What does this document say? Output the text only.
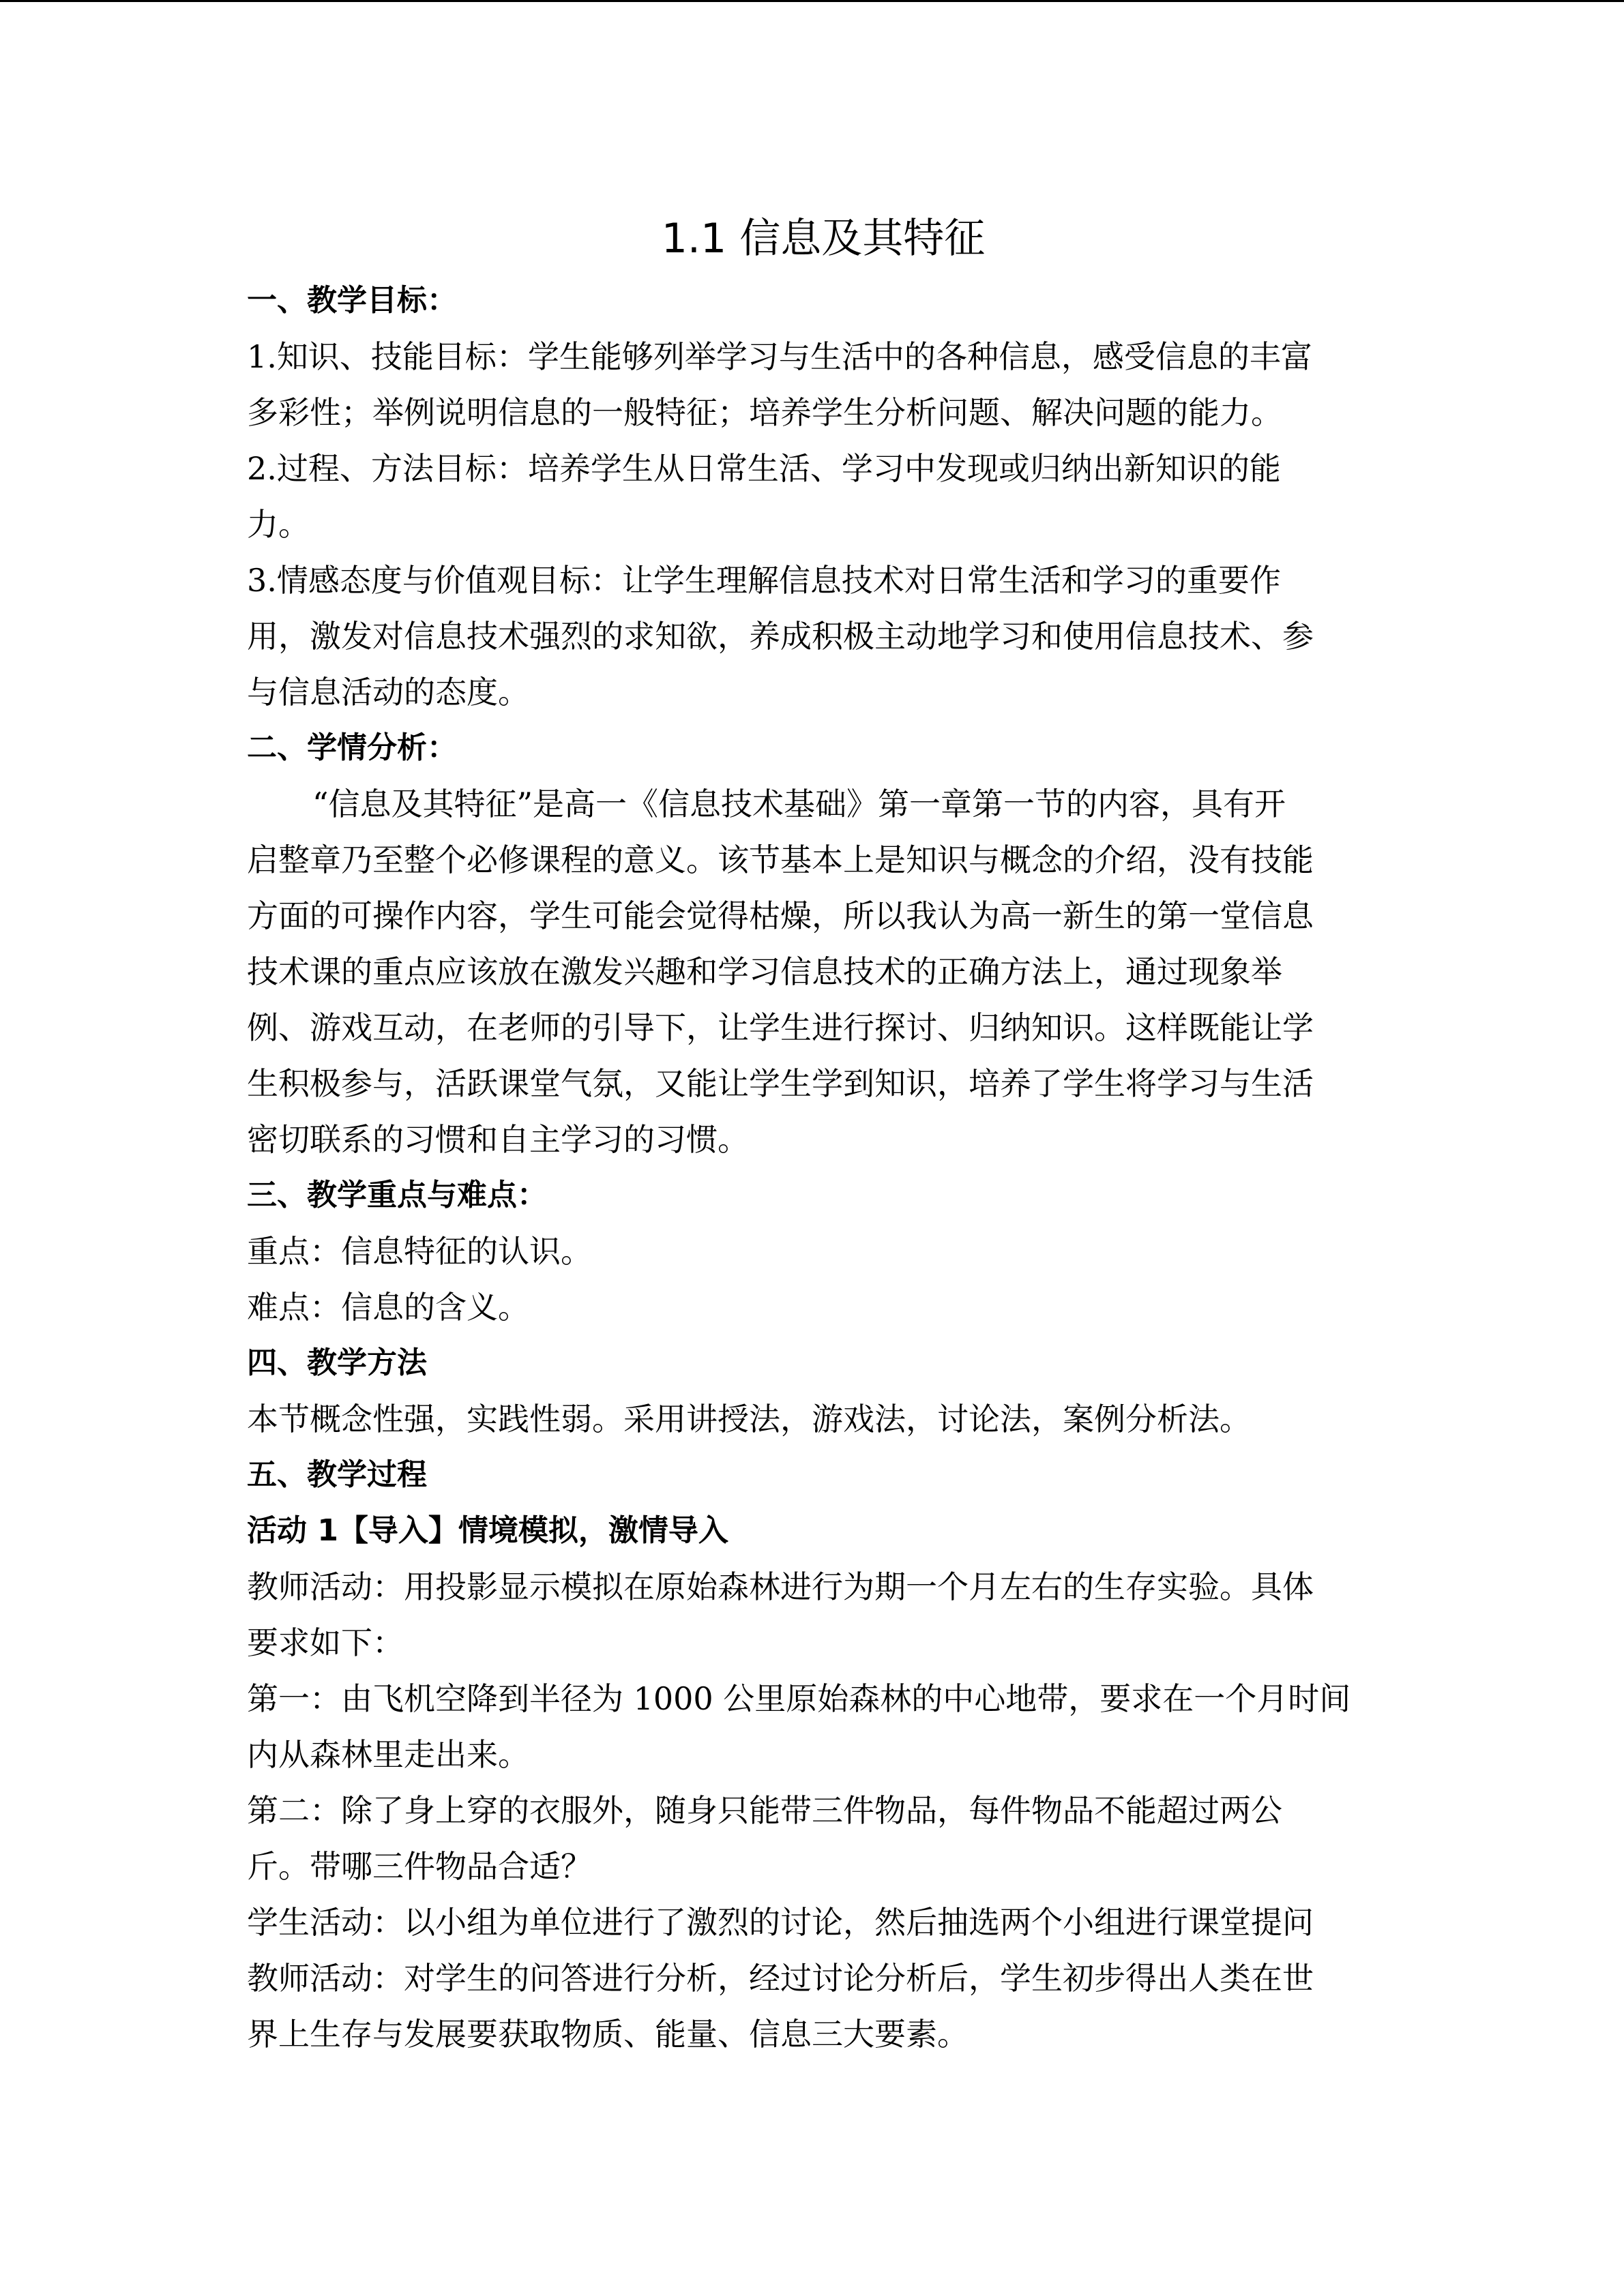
1.1 信息及其特征
一、教学目标：
1.知识、技能目标：学生能够列举学习与生活中的各种信息，感受信息的丰富
多彩性；举例说明信息的一般特征；培养学生分析问题、解决问题的能力。
2.过程、方法目标：培养学生从日常生活、学习中发现或归纳出新知识的能
力。
3.情感态度与价值观目标：让学生理解信息技术对日常生活和学习的重要作
用，激发对信息技术强烈的求知欲，养成积极主动地学习和使用信息技术、参
与信息活动的态度。
二、学情分析：
“信息及其特征”是高一《信息技术基础》第一章第一节的内容，具有开
启整章乃至整个必修课程的意义。该节基本上是知识与概念的介绍，没有技能
方面的可操作内容，学生可能会觉得枯燥，所以我认为高一新生的第一堂信息
技术课的重点应该放在激发兴趣和学习信息技术的正确方法上，通过现象举
例、游戏互动，在老师的引导下，让学生进行探讨、归纳知识。这样既能让学
生积极参与，活跃课堂气氛，又能让学生学到知识，培养了学生将学习与生活
密切联系的习惯和自主学习的习惯。
三、教学重点与难点：
重点：信息特征的认识。
难点：信息的含义。
四、教学方法
本节概念性强，实践性弱。采用讲授法，游戏法，讨论法，案例分析法。
五、教学过程
活动 1【导入】情境模拟，激情导入
教师活动：用投影显示模拟在原始森林进行为期一个月左右的生存实验。具体
要求如下：
第一：由飞机空降到半径为 1000 公里原始森林的中心地带，要求在一个月时间
内从森林里走出来。
第二：除了身上穿的衣服外，随身只能带三件物品，每件物品不能超过两公
斤。带哪三件物品合适？
学生活动：以小组为单位进行了激烈的讨论，然后抽选两个小组进行课堂提问
教师活动：对学生的问答进行分析，经过讨论分析后，学生初步得出人类在世
界上生存与发展要获取物质、能量、信息三大要素。
